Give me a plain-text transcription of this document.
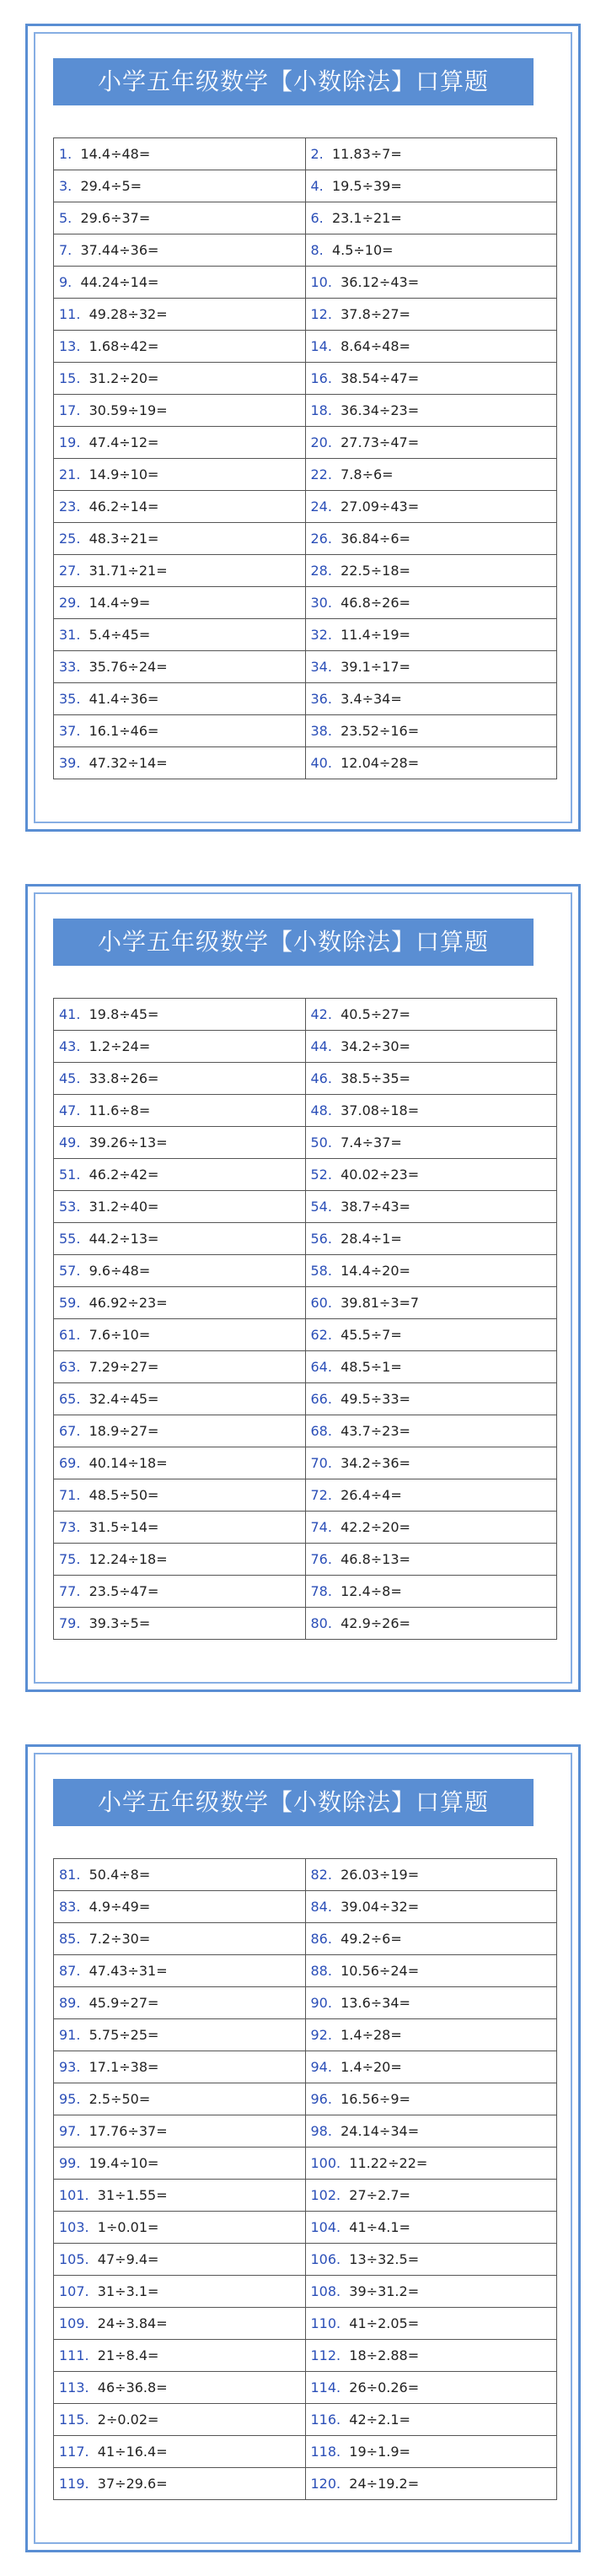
小学五年级数学【小数除法】口算题
1. 14.4÷48=	2. 11.83÷7=
3. 29.4÷5=	4. 19.5÷39=
5. 29.6÷37=	6. 23.1÷21=
7. 37.44÷36=	8. 4.5÷10=
9. 44.24÷14=	10. 36.12÷43=
11. 49.28÷32=	12. 37.8÷27=
13. 1.68÷42=	14. 8.64÷48=
15. 31.2÷20=	16. 38.54÷47=
17. 30.59÷19=	18. 36.34÷23=
19. 47.4÷12=	20. 27.73÷47=
21. 14.9÷10=	22. 7.8÷6=
23. 46.2÷14=	24. 27.09÷43=
25. 48.3÷21=	26. 36.84÷6=
27. 31.71÷21=	28. 22.5÷18=
29. 14.4÷9=	30. 46.8÷26=
31. 5.4÷45=	32. 11.4÷19=
33. 35.76÷24=	34. 39.1÷17=
35. 41.4÷36=	36. 3.4÷34=
37. 16.1÷46=	38. 23.52÷16=
39. 47.32÷14=	40. 12.04÷28=
小学五年级数学【小数除法】口算题
41. 19.8÷45=	42. 40.5÷27=
43. 1.2÷24=	44. 34.2÷30=
45. 33.8÷26=	46. 38.5÷35=
47. 11.6÷8=	48. 37.08÷18=
49. 39.26÷13=	50. 7.4÷37=
51. 46.2÷42=	52. 40.02÷23=
53. 31.2÷40=	54. 38.7÷43=
55. 44.2÷13=	56. 28.4÷1=
57. 9.6÷48=	58. 14.4÷20=
59. 46.92÷23=	60. 39.81÷3=7
61. 7.6÷10=	62. 45.5÷7=
63. 7.29÷27=	64. 48.5÷1=
65. 32.4÷45=	66. 49.5÷33=
67. 18.9÷27=	68. 43.7÷23=
69. 40.14÷18=	70. 34.2÷36=
71. 48.5÷50=	72. 26.4÷4=
73. 31.5÷14=	74. 42.2÷20=
75. 12.24÷18=	76. 46.8÷13=
77. 23.5÷47=	78. 12.4÷8=
79. 39.3÷5=	80. 42.9÷26=
小学五年级数学【小数除法】口算题
81. 50.4÷8=	82. 26.03÷19=
83. 4.9÷49=	84. 39.04÷32=
85. 7.2÷30=	86. 49.2÷6=
87. 47.43÷31=	88. 10.56÷24=
89. 45.9÷27=	90. 13.6÷34=
91. 5.75÷25=	92. 1.4÷28=
93. 17.1÷38=	94. 1.4÷20=
95. 2.5÷50=	96. 16.56÷9=
97. 17.76÷37=	98. 24.14÷34=
99. 19.4÷10=	100. 11.22÷22=
101. 31÷1.55=	102. 27÷2.7=
103. 1÷0.01=	104. 41÷4.1=
105. 47÷9.4=	106. 13÷32.5=
107. 31÷3.1=	108. 39÷31.2=
109. 24÷3.84=	110. 41÷2.05=
111. 21÷8.4=	112. 18÷2.88=
113. 46÷36.8=	114. 26÷0.26=
115. 2÷0.02=	116. 42÷2.1=
117. 41÷16.4=	118. 19÷1.9=
119. 37÷29.6=	120. 24÷19.2=
